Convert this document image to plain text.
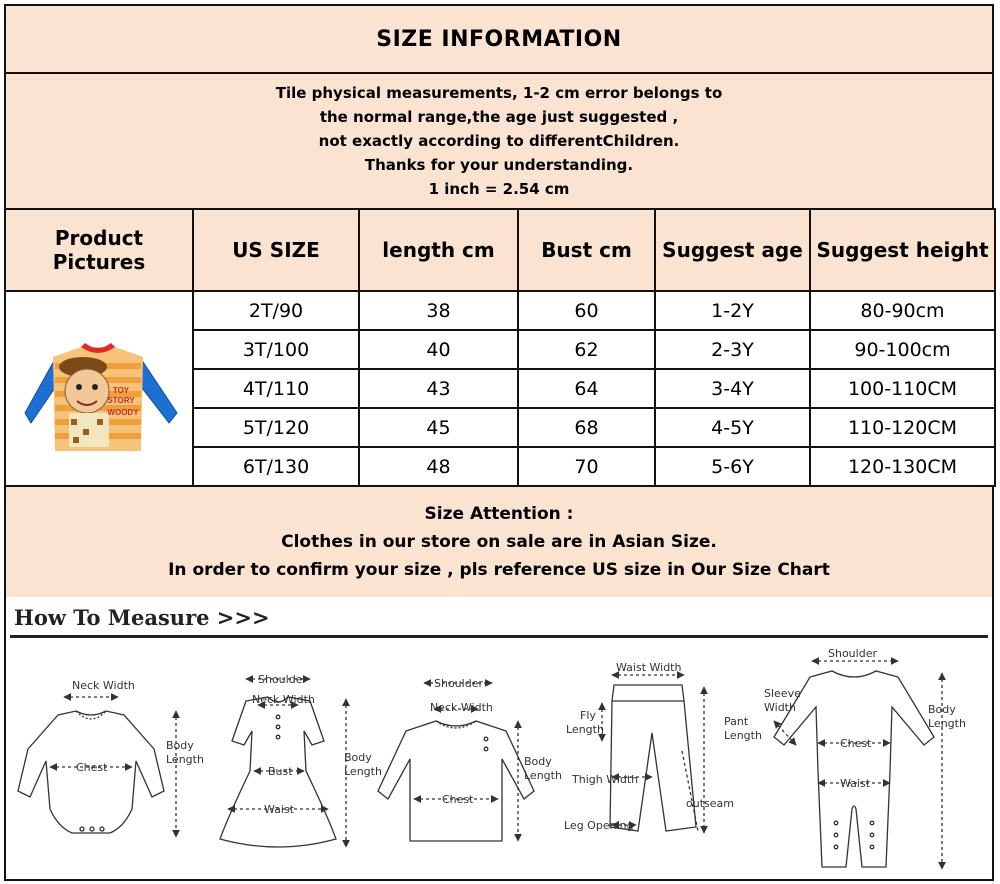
SIZE INFORMATION
Tile physical measurements, 1-2 cm error belongs to
the normal range,the age just suggested ,
not exactly according to differentChildren.
Thanks for your understanding.
1 inch = 2.54 cm
Product Pictures	US SIZE	length cm	Bust cm	Suggest age	Suggest height

TOY
STORY
WOODY	2T/90	38	60	1-2Y	80-90cm
	3T/100	40	62	2-3Y	90-100cm
	4T/110	43	64	3-4Y	100-110CM
	5T/120	45	68	4-5Y	110-120CM
	6T/130	48	70	5-6Y	120-130CM
Size Attention :
Clothes in our store on sale are in Asian Size.
In order to confirm your size , pls reference US size in Our Size Chart
How To Measure >>>
Neck Width
Chest
Body
Length
Shoulder
Neck Width
Bust
Waist
Body
Length
Shoulder
Neck Width
Chest
Body
Length
Waist Width
Fly
Length
Pant
Length
Thigh Width
outseam
Leg Opening
Shoulder
Sleeve
Width
Chest
Waist
Body
Length
